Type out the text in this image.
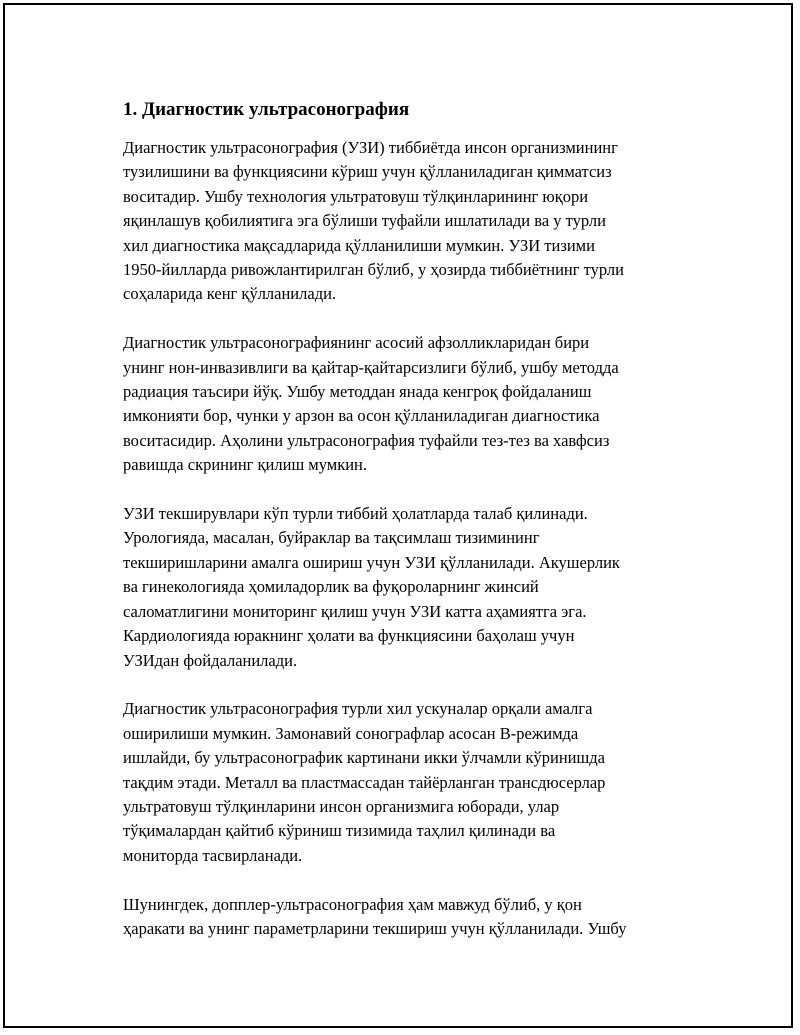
1. Диагностик ультрасонография

Диагностик ультрасонография (УЗИ) тиббиётда инсон организмининг
тузилишини ва функциясини кўриш учун қўлланиладиган қимматсиз
воситадир. Ушбу технология ультратовуш тўлқинларининг юқори
яқинлашув қобилиятига эга бўлиши туфайли ишлатилади ва у турли
хил диагностика мақсадларида қўлланилиши мумкин. УЗИ тизими
1950-йилларда ривожлантирилган бўлиб, у ҳозирда тиббиётнинг турли
соҳаларида кенг қўлланилади.

Диагностик ультрасонографиянинг асосий афзолликларидан бири
унинг нон-инвазивлиги ва қайтар-қайтарсизлиги бўлиб, ушбу методда
радиация таъсири йўқ. Ушбу методдан янада кенгроқ фойдаланиш
имконияти бор, чунки у арзон ва осон қўлланиладиган диагностика
воситасидир. Аҳолини ультрасонография туфайли тез-тез ва хавфсиз
равишда скрининг қилиш мумкин.

УЗИ текширувлари кўп турли тиббий ҳолатларда талаб қилинади.
Урологияда, масалан, буйраклар ва тақсимлаш тизимининг
текширишларини амалга ошириш учун УЗИ қўлланилади. Акушерлик
ва гинекологияда ҳомиладорлик ва фуқороларнинг жинсий
саломатлигини мониторинг қилиш учун УЗИ катта аҳамиятга эга.
Кардиологияда юракнинг ҳолати ва функциясини баҳолаш учун
УЗИдан фойдаланилади.

Диагностик ультрасонография турли хил ускуналар орқали амалга
оширилиши мумкин. Замонавий сонографлар асосан B-режимда
ишлайди, бу ультрасонографик картинани икки ўлчамли кўринишда
тақдим этади. Металл ва пластмассадан тайёрланган трансдюсерлар
ультратовуш тўлқинларини инсон организмига юборади, улар
тўқималардан қайтиб кўриниш тизимида таҳлил қилинади ва
мониторда тасвирланади.

Шунингдек, допплер-ультрасонография ҳам мавжуд бўлиб, у қон
ҳаракати ва унинг параметрларини текшириш учун қўлланилади. Ушбу
